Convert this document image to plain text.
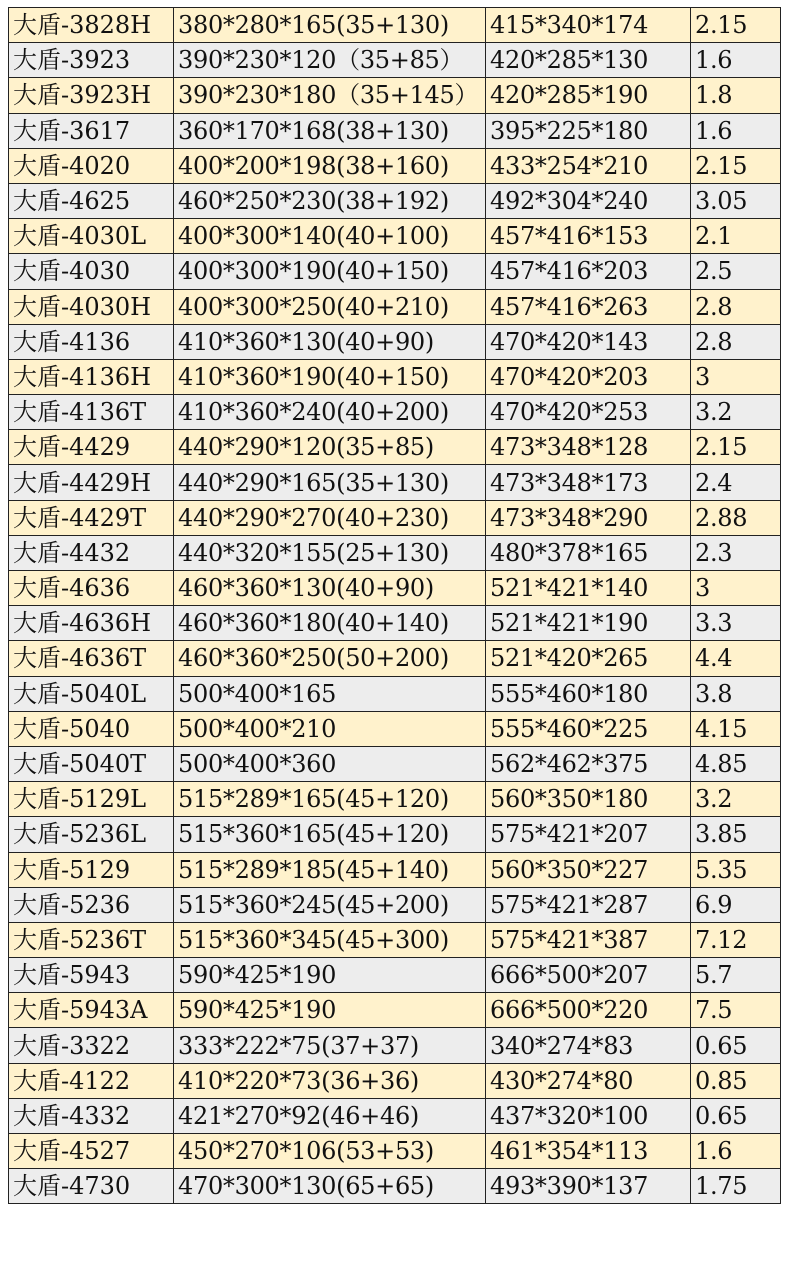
大盾-3828H	380*280*165(35+130)	415*340*174	2.15
大盾-3923	390*230*120（35+85）	420*285*130	1.6
大盾-3923H	390*230*180（35+145）	420*285*190	1.8
大盾-3617	360*170*168(38+130)	395*225*180	1.6
大盾-4020	400*200*198(38+160)	433*254*210	2.15
大盾-4625	460*250*230(38+192)	492*304*240	3.05
大盾-4030L	400*300*140(40+100)	457*416*153	2.1
大盾-4030	400*300*190(40+150)	457*416*203	2.5
大盾-4030H	400*300*250(40+210)	457*416*263	2.8
大盾-4136	410*360*130(40+90)	470*420*143	2.8
大盾-4136H	410*360*190(40+150)	470*420*203	3
大盾-4136T	410*360*240(40+200)	470*420*253	3.2
大盾-4429	440*290*120(35+85)	473*348*128	2.15
大盾-4429H	440*290*165(35+130)	473*348*173	2.4
大盾-4429T	440*290*270(40+230)	473*348*290	2.88
大盾-4432	440*320*155(25+130)	480*378*165	2.3
大盾-4636	460*360*130(40+90)	521*421*140	3
大盾-4636H	460*360*180(40+140)	521*421*190	3.3
大盾-4636T	460*360*250(50+200)	521*420*265	4.4
大盾-5040L	500*400*165	555*460*180	3.8
大盾-5040	500*400*210	555*460*225	4.15
大盾-5040T	500*400*360	562*462*375	4.85
大盾-5129L	515*289*165(45+120)	560*350*180	3.2
大盾-5236L	515*360*165(45+120)	575*421*207	3.85
大盾-5129	515*289*185(45+140)	560*350*227	5.35
大盾-5236	515*360*245(45+200)	575*421*287	6.9
大盾-5236T	515*360*345(45+300)	575*421*387	7.12
大盾-5943	590*425*190	666*500*207	5.7
大盾-5943A	590*425*190	666*500*220	7.5
大盾-3322	333*222*75(37+37)	340*274*83	0.65
大盾-4122	410*220*73(36+36)	430*274*80	0.85
大盾-4332	421*270*92(46+46)	437*320*100	0.65
大盾-4527	450*270*106(53+53)	461*354*113	1.6
大盾-4730	470*300*130(65+65)	493*390*137	1.75
